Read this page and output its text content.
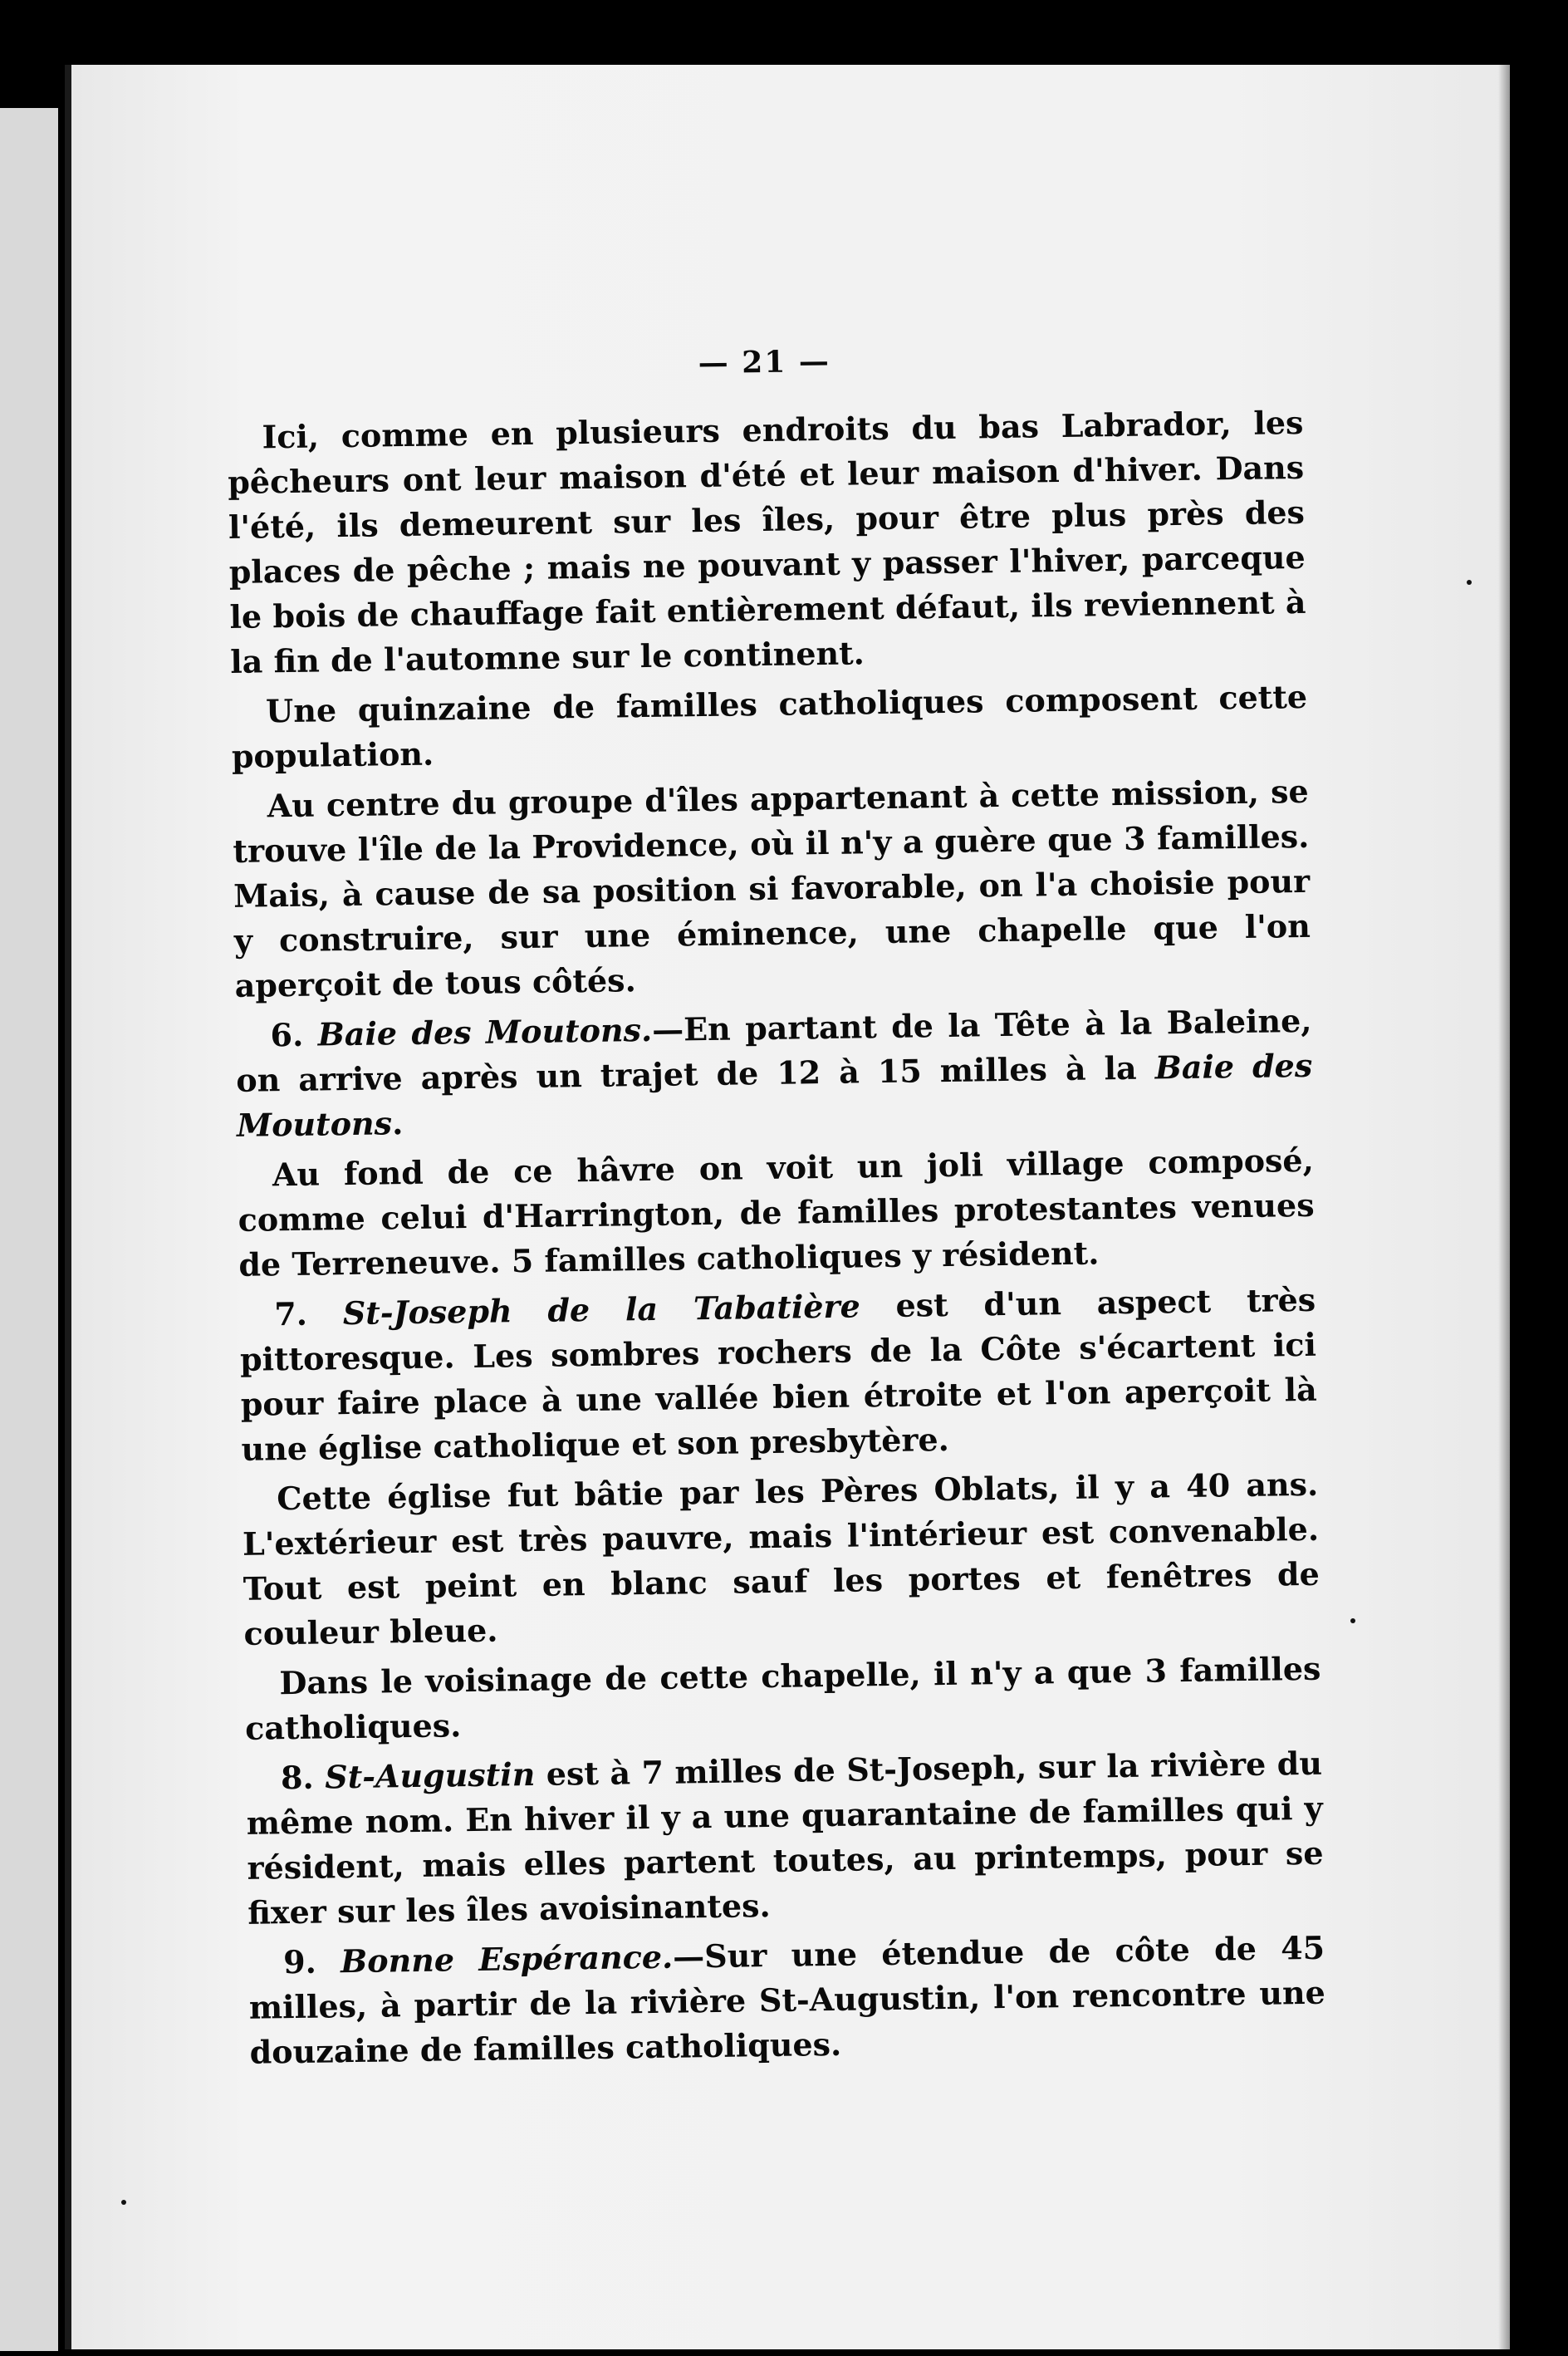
— 21 —

Ici, comme en plusieurs endroits du bas Labrador, les pêcheurs ont leur maison d'été et leur maison d'hiver. Dans l'été, ils demeurent sur les îles, pour être plus près des places de pêche ; mais ne pouvant y passer l'hiver, parceque le bois de chauffage fait entièrement défaut, ils reviennent à la fin de l'automne sur le continent.

Une quinzaine de familles catholiques composent cette population.

Au centre du groupe d'îles appartenant à cette mission, se trouve l'île de la Providence, où il n'y a guère que 3 familles. Mais, à cause de sa position si favorable, on l'a choisie pour y construire, sur une éminence, une chapelle que l'on aperçoit de tous côtés.

6. Baie des Moutons.—En partant de la Tête à la Baleine, on arrive après un trajet de 12 à 15 milles à la Baie des Moutons.

Au fond de ce hâvre on voit un joli village composé, comme celui d'Harrington, de familles protestantes venues de Terreneuve. 5 familles catholiques y résident.

7. St-Joseph de la Tabatière est d'un aspect très pittoresque. Les sombres rochers de la Côte s'écartent ici pour faire place à une vallée bien étroite et l'on aperçoit là une église catholique et son presbytère.

Cette église fut bâtie par les Pères Oblats, il y a 40 ans. L'extérieur est très pauvre, mais l'intérieur est convenable. Tout est peint en blanc sauf les portes et fenêtres de couleur bleue.

Dans le voisinage de cette chapelle, il n'y a que 3 familles catholiques.

8. St-Augustin est à 7 milles de St-Joseph, sur la rivière du même nom. En hiver il y a une quarantaine de familles qui y résident, mais elles partent toutes, au printemps, pour se fixer sur les îles avoisinantes.

9. Bonne Espérance.—Sur une étendue de côte de 45 milles, à partir de la rivière St-Augustin, l'on rencontre une douzaine de familles catholiques.
